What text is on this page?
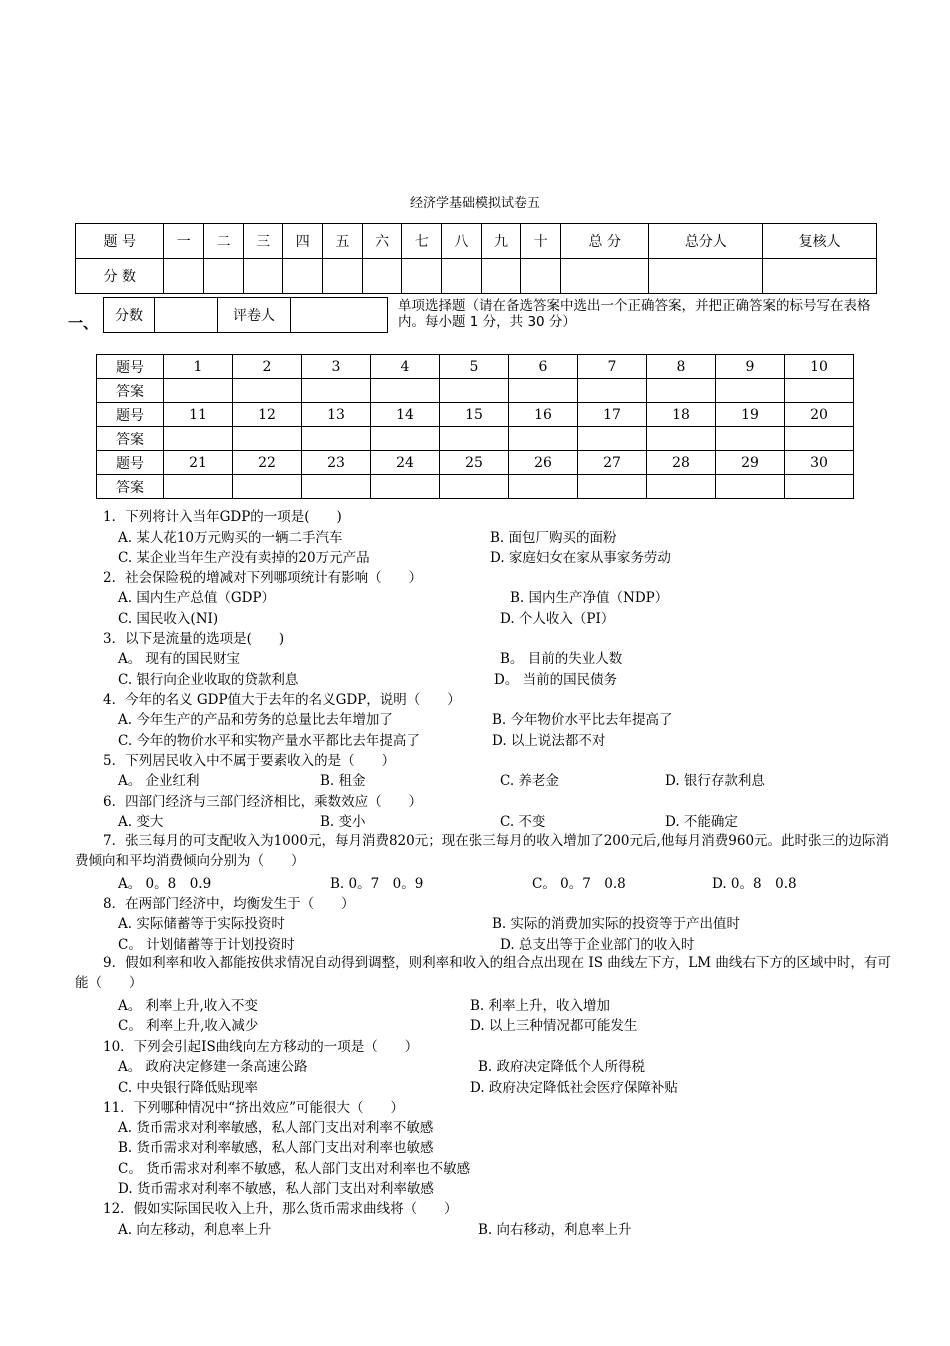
经济学基础模拟试卷五
题 号	一	二	三	四	五	六	七	八	九	十	总 分	总分人	复核人
分 数													
一、 分数		评卷人	
单项选择题（请在备选答案中选出一个正确答案，并把正确答案的标号写在表格内。每小题 1 分，共 30 分）
题号	1	2	3	4	5	6	7	8	9	10
答案										
题号	11	12	13	14	15	16	17	18	19	20
答案										
题号	21	22	23	24	25	26	27	28	29	30
答案										
1．下列将计入当年GDP的一项是(　　)
A. 某人花10万元购买的一辆二手汽车	B. 面包厂购买的面粉
C. 某企业当年生产没有卖掉的20万元产品	D. 家庭妇女在家从事家务劳动
2．社会保险税的增减对下列哪项统计有影响（　　）
A. 国内生产总值（GDP）	B. 国内生产净值（NDP）
C. 国民收入(NI)	D. 个人收入（PI）
3．以下是流量的选项是(　　)
A。 现有的国民财宝	B。 目前的失业人数
C. 银行向企业收取的贷款利息	D。 当前的国民债务
4．今年的名义 GDP值大于去年的名义GDP，说明（　　）
A. 今年生产的产品和劳务的总量比去年增加了	B. 今年物价水平比去年提高了
C. 今年的物价水平和实物产量水平都比去年提高了	D. 以上说法都不对
5．下列居民收入中不属于要素收入的是（　　）
A。 企业红利	B. 租金	C. 养老金	D. 银行存款利息
6．四部门经济与三部门经济相比，乘数效应（　　）
A. 变大	B. 变小	C. 不变	D. 不能确定
7．张三每月的可支配收入为1000元，每月消费820元；现在张三每月的收入增加了200元后,他每月消费960元。此时张三的边际消费倾向和平均消费倾向分别为（　　）
A。 0。8　0.9	B. 0。7　0。9	C。 0。7　0.8	D. 0。8　0.8
8．在两部门经济中，均衡发生于（　　）
A. 实际储蓄等于实际投资时	B. 实际的消费加实际的投资等于产出值时
C。 计划储蓄等于计划投资时	D. 总支出等于企业部门的收入时
9．假如利率和收入都能按供求情况自动得到调整，则利率和收入的组合点出现在 IS 曲线左下方，LM 曲线右下方的区域中时，有可能（　　）
A。 利率上升,收入不变	B. 利率上升，收入增加
C。 利率上升,收入减少	D. 以上三种情况都可能发生
10．下列会引起IS曲线向左方移动的一项是（　　）
A。 政府决定修建一条高速公路	B. 政府决定降低个人所得税
C. 中央银行降低贴现率	D. 政府决定降低社会医疗保障补贴
11．下列哪种情况中“挤出效应”可能很大（　　）
A. 货币需求对利率敏感，私人部门支出对利率不敏感
B. 货币需求对利率敏感，私人部门支出对利率也敏感
C。 货币需求对利率不敏感，私人部门支出对利率也不敏感
D. 货币需求对利率不敏感，私人部门支出对利率敏感
12．假如实际国民收入上升，那么货币需求曲线将（　　）
A. 向左移动，利息率上升	B. 向右移动，利息率上升
